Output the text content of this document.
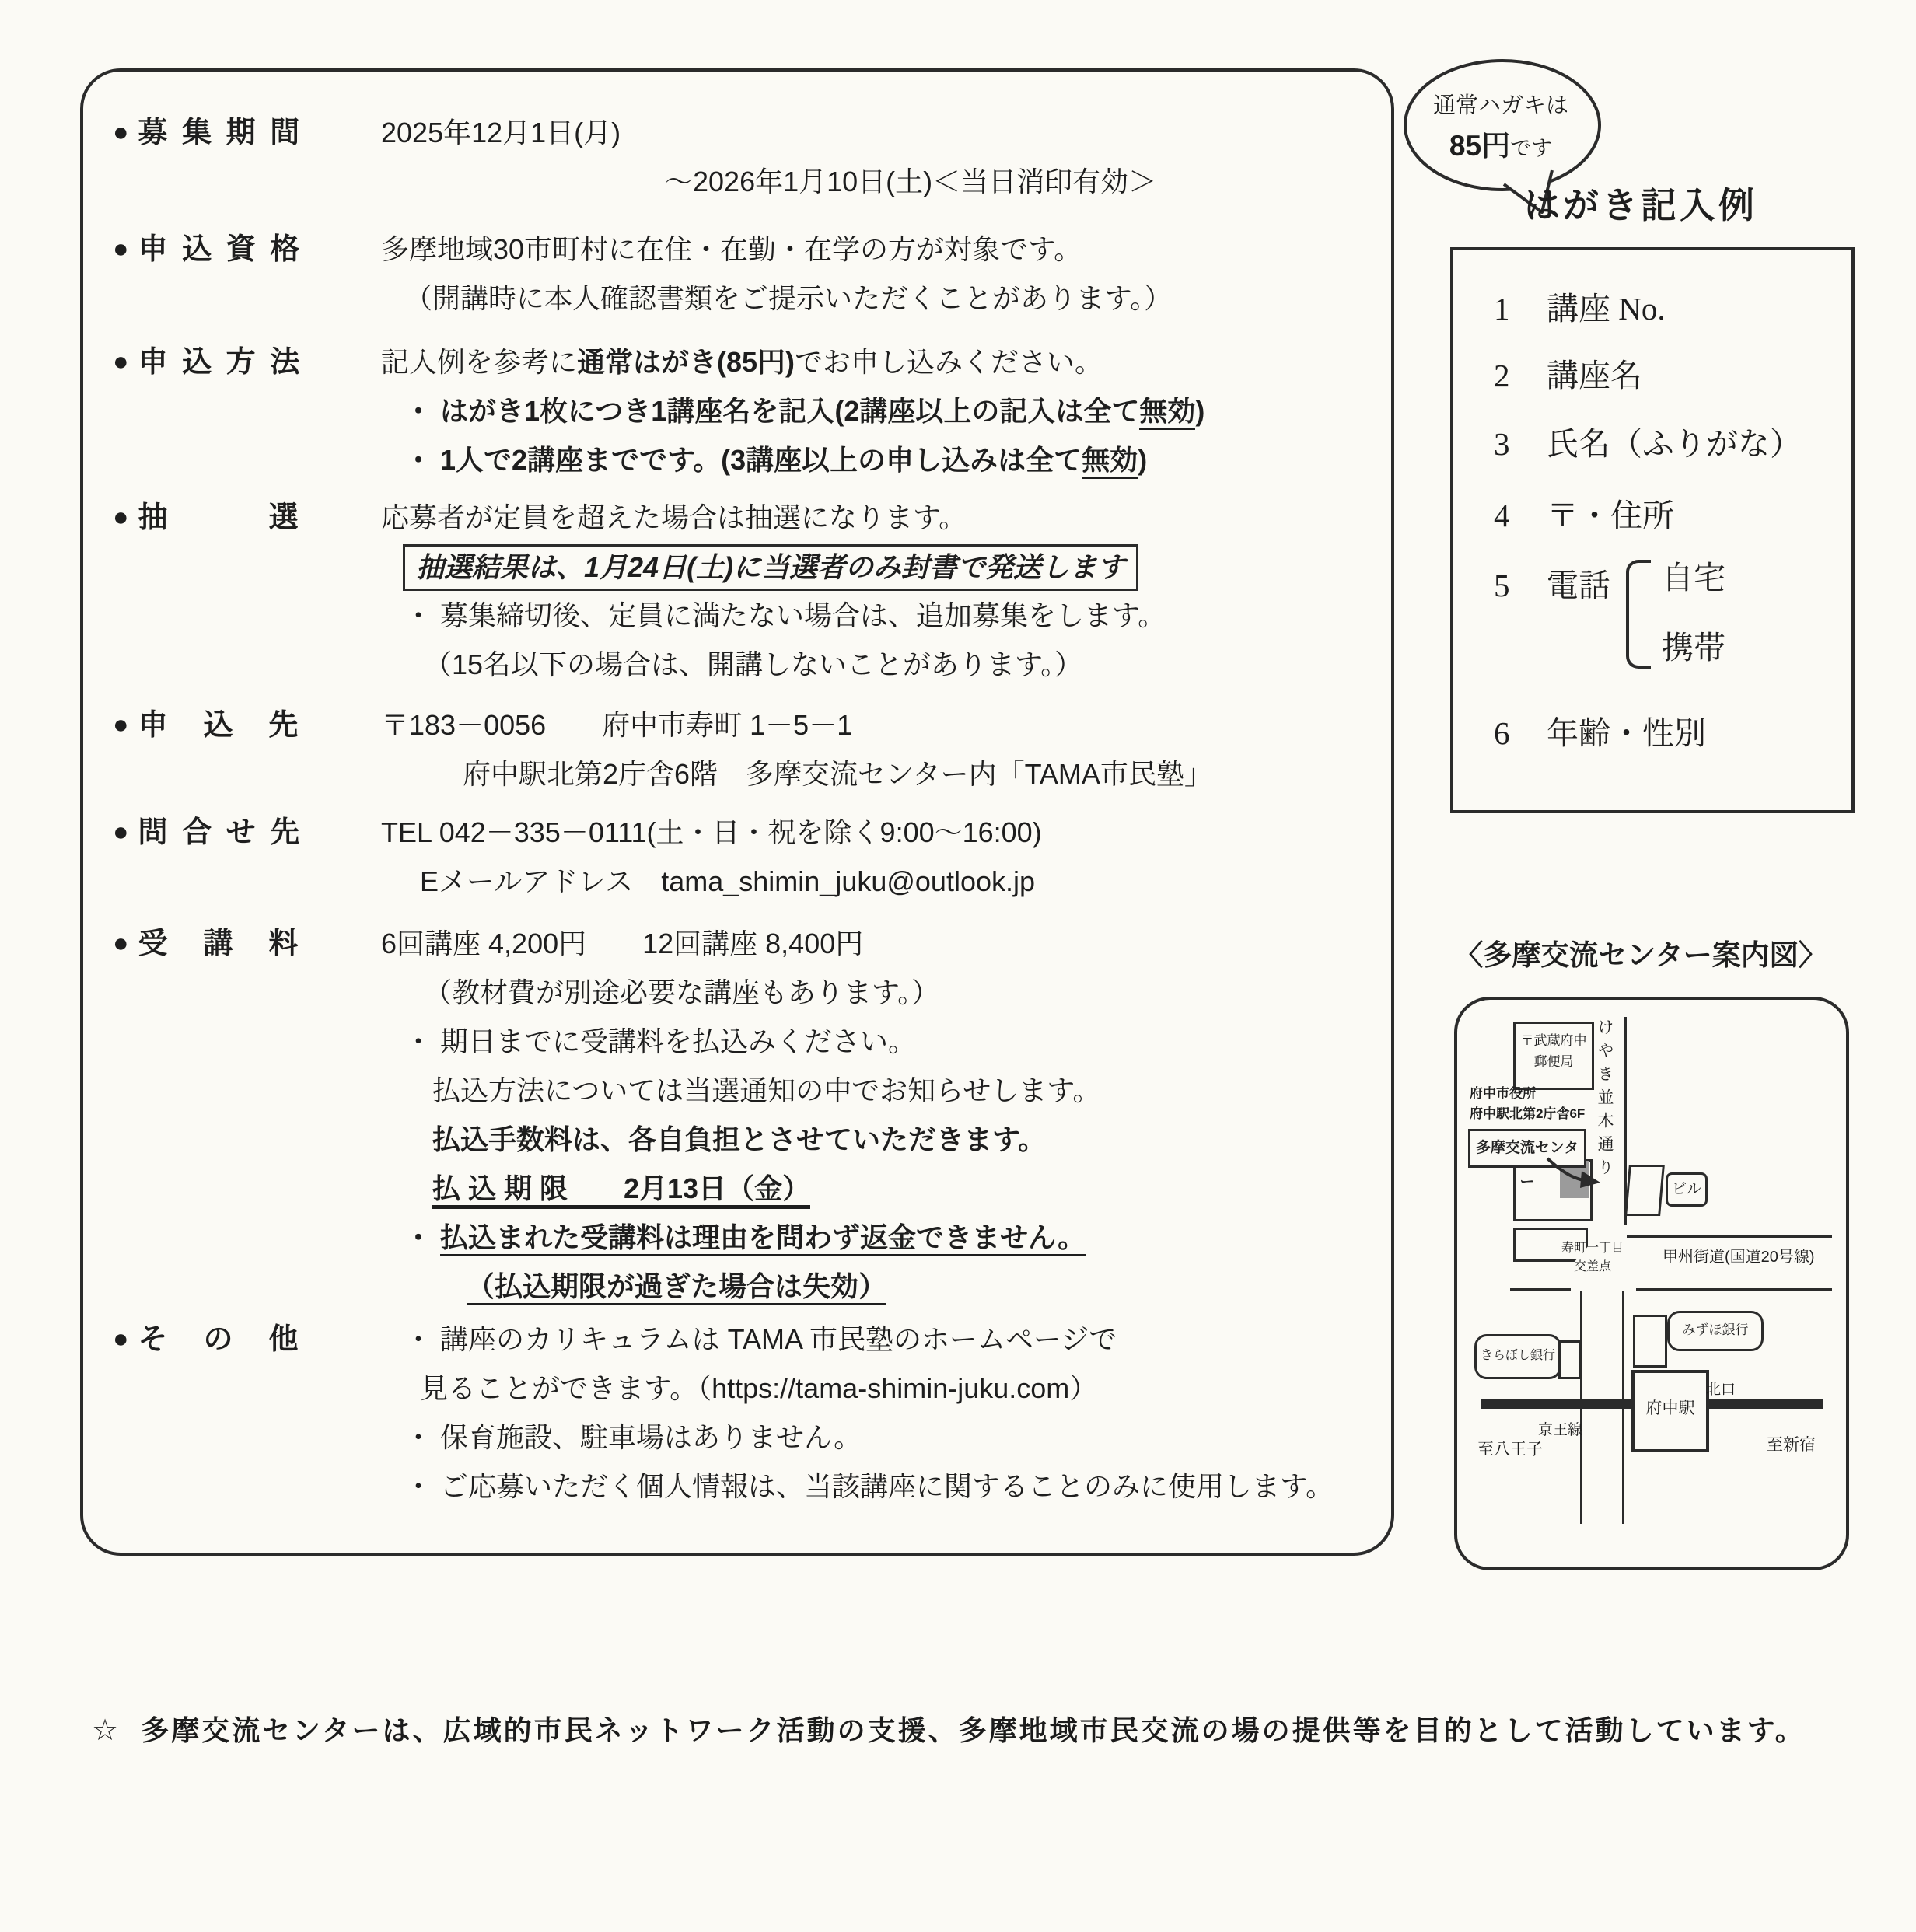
● 募 集 期 間	2025年12月1日(月)
～2026年1月10日(土)＜当日消印有効＞
● 申 込 資 格	多摩地域30市町村に在住・在勤・在学の方が対象です。
（開講時に本人確認書類をご提示いただくことがあります。）
● 申 込 方 法	記入例を参考に通常はがき(85円)でお申し込みください。
・ はがき1枚につき1講座名を記入(2講座以上の記入は全て無効)
・ 1人で2講座までです。(3講座以上の申し込みは全て無効)
● 抽　　　選	応募者が定員を超えた場合は抽選になります。
抽選結果は、1月24日(土)に当選者のみ封書で発送します
・ 募集締切後、定員に満たない場合は、追加募集をします。
（15名以下の場合は、開講しないことがあります。）
● 申　込　先	〒183－0056　　府中市寿町 1－5－1
府中駅北第2庁舎6階　多摩交流センター内「TAMA市民塾」
● 問 合 せ 先	TEL 042－335－0111(土・日・祝を除く9:00～16:00)
Eメールアドレス　tama_shimin_juku@outlook.jp
● 受　講　料	6回講座 4,200円　　12回講座 8,400円
（教材費が別途必要な講座もあります。）
・ 期日までに受講料を払込みください。
払込方法については当選通知の中でお知らせします。
払込手数料は、各自負担とさせていただきます。
払 込 期 限　　2月13日（金）
・ 払込まれた受講料は理由を問わず返金できません。
（払込期限が過ぎた場合は失効）
● そ　の　他	・ 講座のカリキュラムは TAMA 市民塾のホームページで
見ることができます。（https://tama-shimin-juku.com）
・ 保育施設、駐車場はありません。
・ ご応募いただく個人情報は、当該講座に関することのみに使用します。
通常ハガキは
85円です
はがき記入例
1 講座 No.
2 講座名
3 氏名（ふりがな）
4 〒・住所
5 電話 自宅
携帯
6 年齢・性別
〈多摩交流センター案内図〉
〒武蔵府中
郵便局
府中市役所
府中駅北第2庁舎6F
多摩交流センター
けやき並木通り
ビル
寿町一丁目
交差点
甲州街道(国道20号線)
きらぼし銀行
みずほ銀行
府中駅
北口
京王線
至八王子	至新宿
☆ 多摩交流センターは、広域的市民ネットワーク活動の支援、多摩地域市民交流の場の提供等を目的として活動しています。
